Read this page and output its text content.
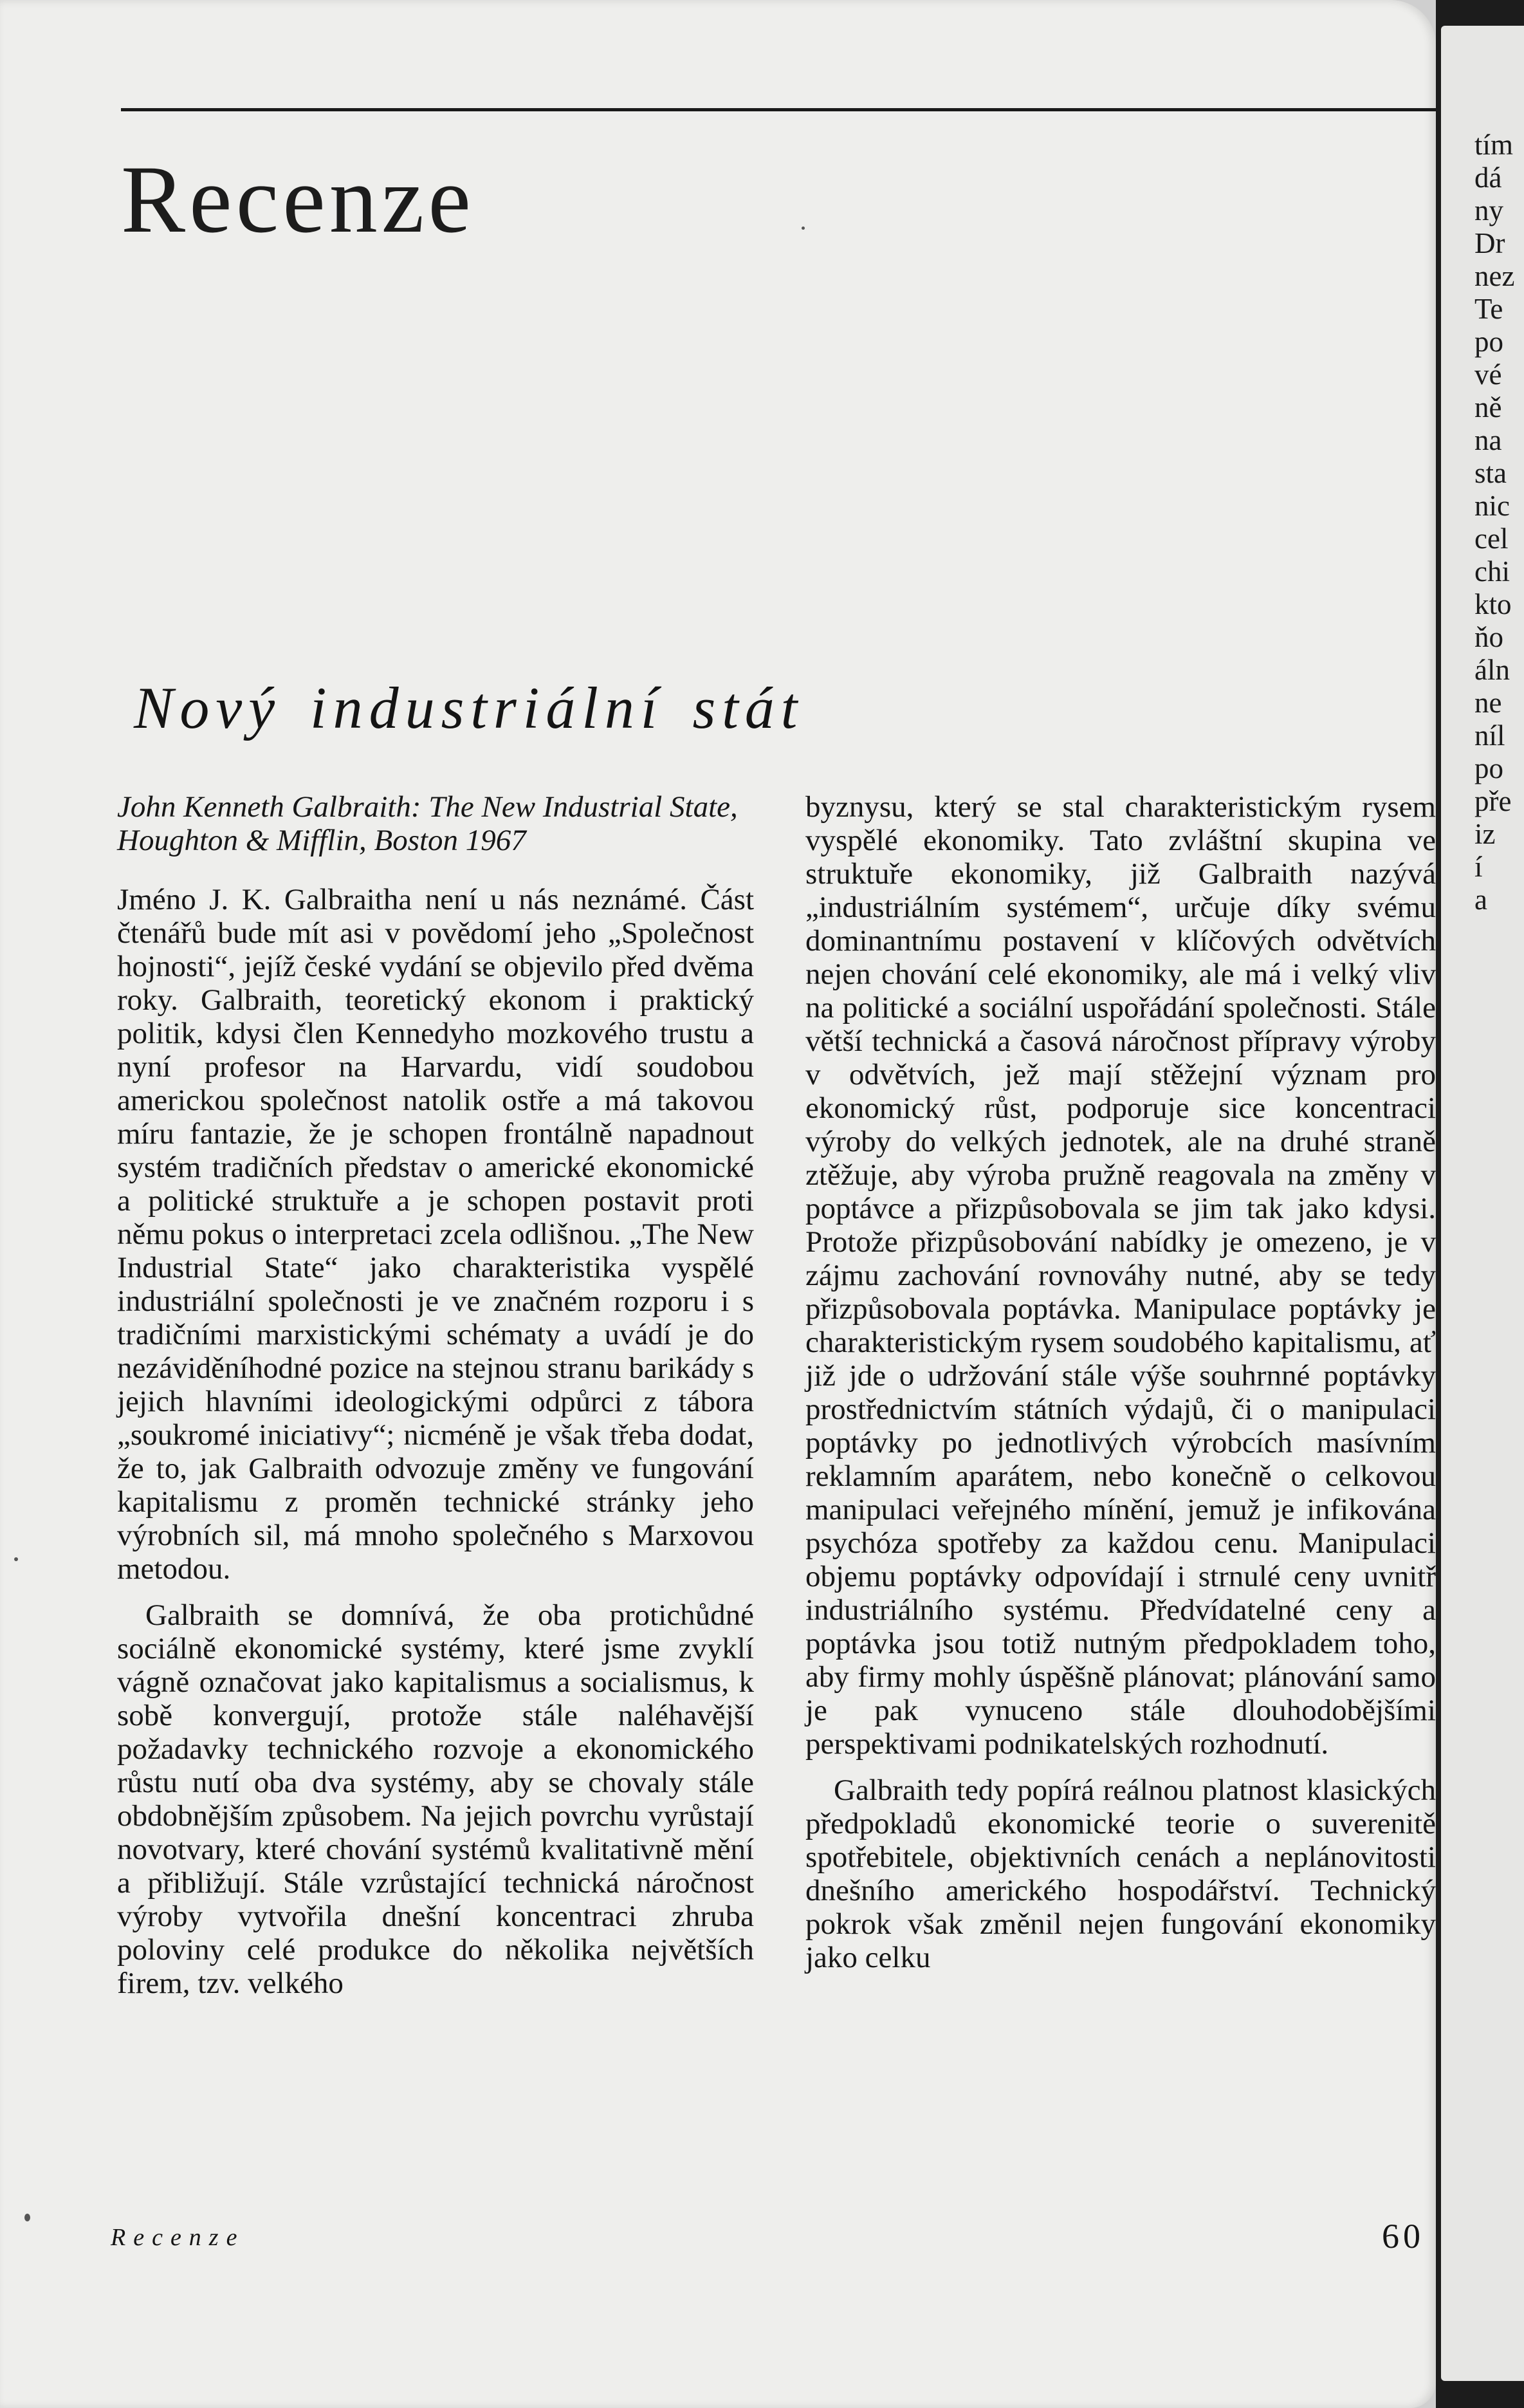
Recenze
Nový industriální stát

John Kenneth Galbraith: The New Industrial State, Houghton & Mifflin, Boston 1967

Jméno J. K. Galbraitha není u nás neznámé. Část čtenářů bude mít asi v povědomí jeho „Společnost hojnosti“, jejíž české vydání se objevilo před dvěma roky. Galbraith, teoretický ekonom i praktický politik, kdysi člen Kennedyho mozkového trustu a nyní profesor na Harvardu, vidí soudobou americkou společnost natolik ostře a má takovou míru fantazie, že je schopen frontálně napadnout systém tradičních představ o americké ekonomické a politické struktuře a je schopen postavit proti němu pokus o interpretaci zcela odlišnou. „The New Industrial State“ jako charakteristika vyspělé industriální společnosti je ve značném rozporu i s tradičními marxistickými schématy a uvádí je do nezáviděníhodné pozice na stejnou stranu barikády s jejich hlavními ideologickými odpůrci z tábora „soukromé iniciativy“; nicméně je však třeba dodat, že to, jak Galbraith odvozuje změny ve fungování kapitalismu z proměn technické stránky jeho výrobních sil, má mnoho společného s Marxovou metodou.

Galbraith se domnívá, že oba protichůdné sociálně ekonomické systémy, které jsme zvyklí vágně označovat jako kapitalismus a socialismus, k sobě konvergují, protože stále naléhavější požadavky technického rozvoje a ekonomického růstu nutí oba dva systémy, aby se chovaly stále obdobnějším způsobem. Na jejich povrchu vyrůstají novotvary, které chování systémů kvalitativně mění a přibližují. Stále vzrůstající technická náročnost výroby vytvořila dnešní koncentraci zhruba poloviny celé produkce do několika největších firem, tzv. velkého

byznysu, který se stal charakteristickým rysem vyspělé ekonomiky. Tato zvláštní skupina ve struktuře ekonomiky, již Galbraith nazývá „industriálním systémem“, určuje díky svému dominantnímu postavení v klíčových odvětvích nejen chování celé ekonomiky, ale má i velký vliv na politické a sociální uspořádání společnosti. Stále větší technická a časová náročnost přípravy výroby v odvětvích, jež mají stěžejní význam pro ekonomický růst, podporuje sice koncentraci výroby do velkých jednotek, ale na druhé straně ztěžuje, aby výroba pružně reagovala na změny v poptávce a přizpůsobovala se jim tak jako kdysi. Protože přizpůsobování nabídky je omezeno, je v zájmu zachování rovnováhy nutné, aby se tedy přizpůsobovala poptávka. Manipulace poptávky je charakteristickým rysem soudobého kapitalismu, ať již jde o udržování stále výše souhrnné poptávky prostřednictvím státních výdajů, či o manipulaci poptávky po jednotlivých výrobcích masívním reklamním aparátem, nebo konečně o celkovou manipulaci veřejného mínění, jemuž je infikována psychóza spotřeby za každou cenu. Manipulaci objemu poptávky odpovídají i strnulé ceny uvnitř industriálního systému. Předvídatelné ceny a poptávka jsou totiž nutným předpokladem toho, aby firmy mohly úspěšně plánovat; plánování samo je pak vynuceno stále dlouhodobějšími perspektivami podnikatelských rozhodnutí.

Galbraith tedy popírá reálnou platnost klasických předpokladů ekonomické teorie o suverenitě spotřebitele, objektivních cenách a neplánovitosti dnešního amerického hospodářství. Technický pokrok však změnil nejen fungování ekonomiky jako celku

Recenze	60
tím
dá
ny
Dr
nez
Te
po
vé
ně
na
sta
nic
cel
chi
kto
ňo
áln
ne
níl
po
pře
iz
í
a
